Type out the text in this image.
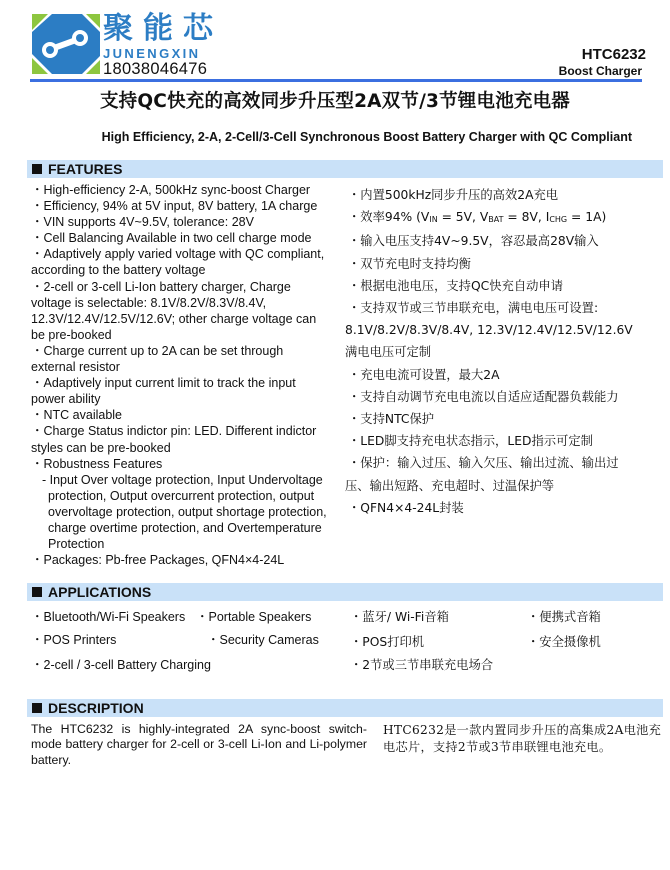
聚能芯
JUNENGXIN
18038046476
HTC6232
Boost Charger
支持QC快充的高效同步升压型2A双节/3节锂电池充电器
High Efficiency, 2-A, 2-Cell/3-Cell Synchronous Boost Battery Charger with QC Compliant
FEATURES
・High-efficiency 2-A, 500kHz sync-boost Charger
・Efficiency, 94% at 5V input, 8V battery, 1A charge
・VIN supports 4V~9.5V, tolerance: 28V
・Cell Balancing Available in two cell charge mode
・Adaptively apply varied voltage with QC compliant, according to the battery voltage
・2-cell or 3-cell Li-Ion battery charger, Charge voltage is selectable: 8.1V/8.2V/8.3V/8.4V, 12.3V/12.4V/12.5V/12.6V; other charge voltage can be pre-booked
・Charge current up to 2A can be set through external resistor
・Adaptively input current limit to track the input power ability
・NTC available
・Charge Status indictor pin: LED. Different indictor styles can be pre-booked
・Robustness Features
- Input Over voltage protection, Input Undervoltage protection, Output overcurrent protection, output overvoltage protection, output shortage protection, charge overtime protection, and Overtemperature Protection
・Packages: Pb-free Packages, QFN4×4-24L
・内置500kHz同步升压的高效2A充电
・效率94% ($V_{IN} = 5V$, $V_{BAT} = 8V$, $I_{CHG} = 1A$)
・输入电压支持4V~9.5V，容忍最高28V输入
・双节充电时支持均衡
・根据电池电压，支持QC快充自动申请
・支持双节或三节串联充电，满电电压可设置:
8.1V/8.2V/8.3V/8.4V, 12.3V/12.4V/12.5V/12.6V
满电电压可定制
・充电电流可设置，最大2A
・支持自动调节充电电流以自适应适配器负载能力
・支持NTC保护
・LED脚支持充电状态指示，LED指示可定制
・保护：输入过压、输入欠压、输出过流、输出过
压、输出短路、充电超时、过温保护等
・QFN4×4-24L封装
APPLICATIONS
・Bluetooth/Wi-Fi Speakers ・Portable Speakers
・POS Printers	・Security Cameras
・2-cell / 3-cell Battery Charging
・蓝牙/ Wi-Fi音箱	・便携式音箱
・POS打印机	・安全摄像机
・2节或三节串联充电场合
DESCRIPTION
The HTC6232 is highly-integrated 2A sync-boost switch-mode battery charger for 2-cell or 3-cell Li-Ion and Li-polymer battery.
HTC6232是一款内置同步升压的高集成2A电池充电芯片，支持2节或3节串联锂电池充电。
